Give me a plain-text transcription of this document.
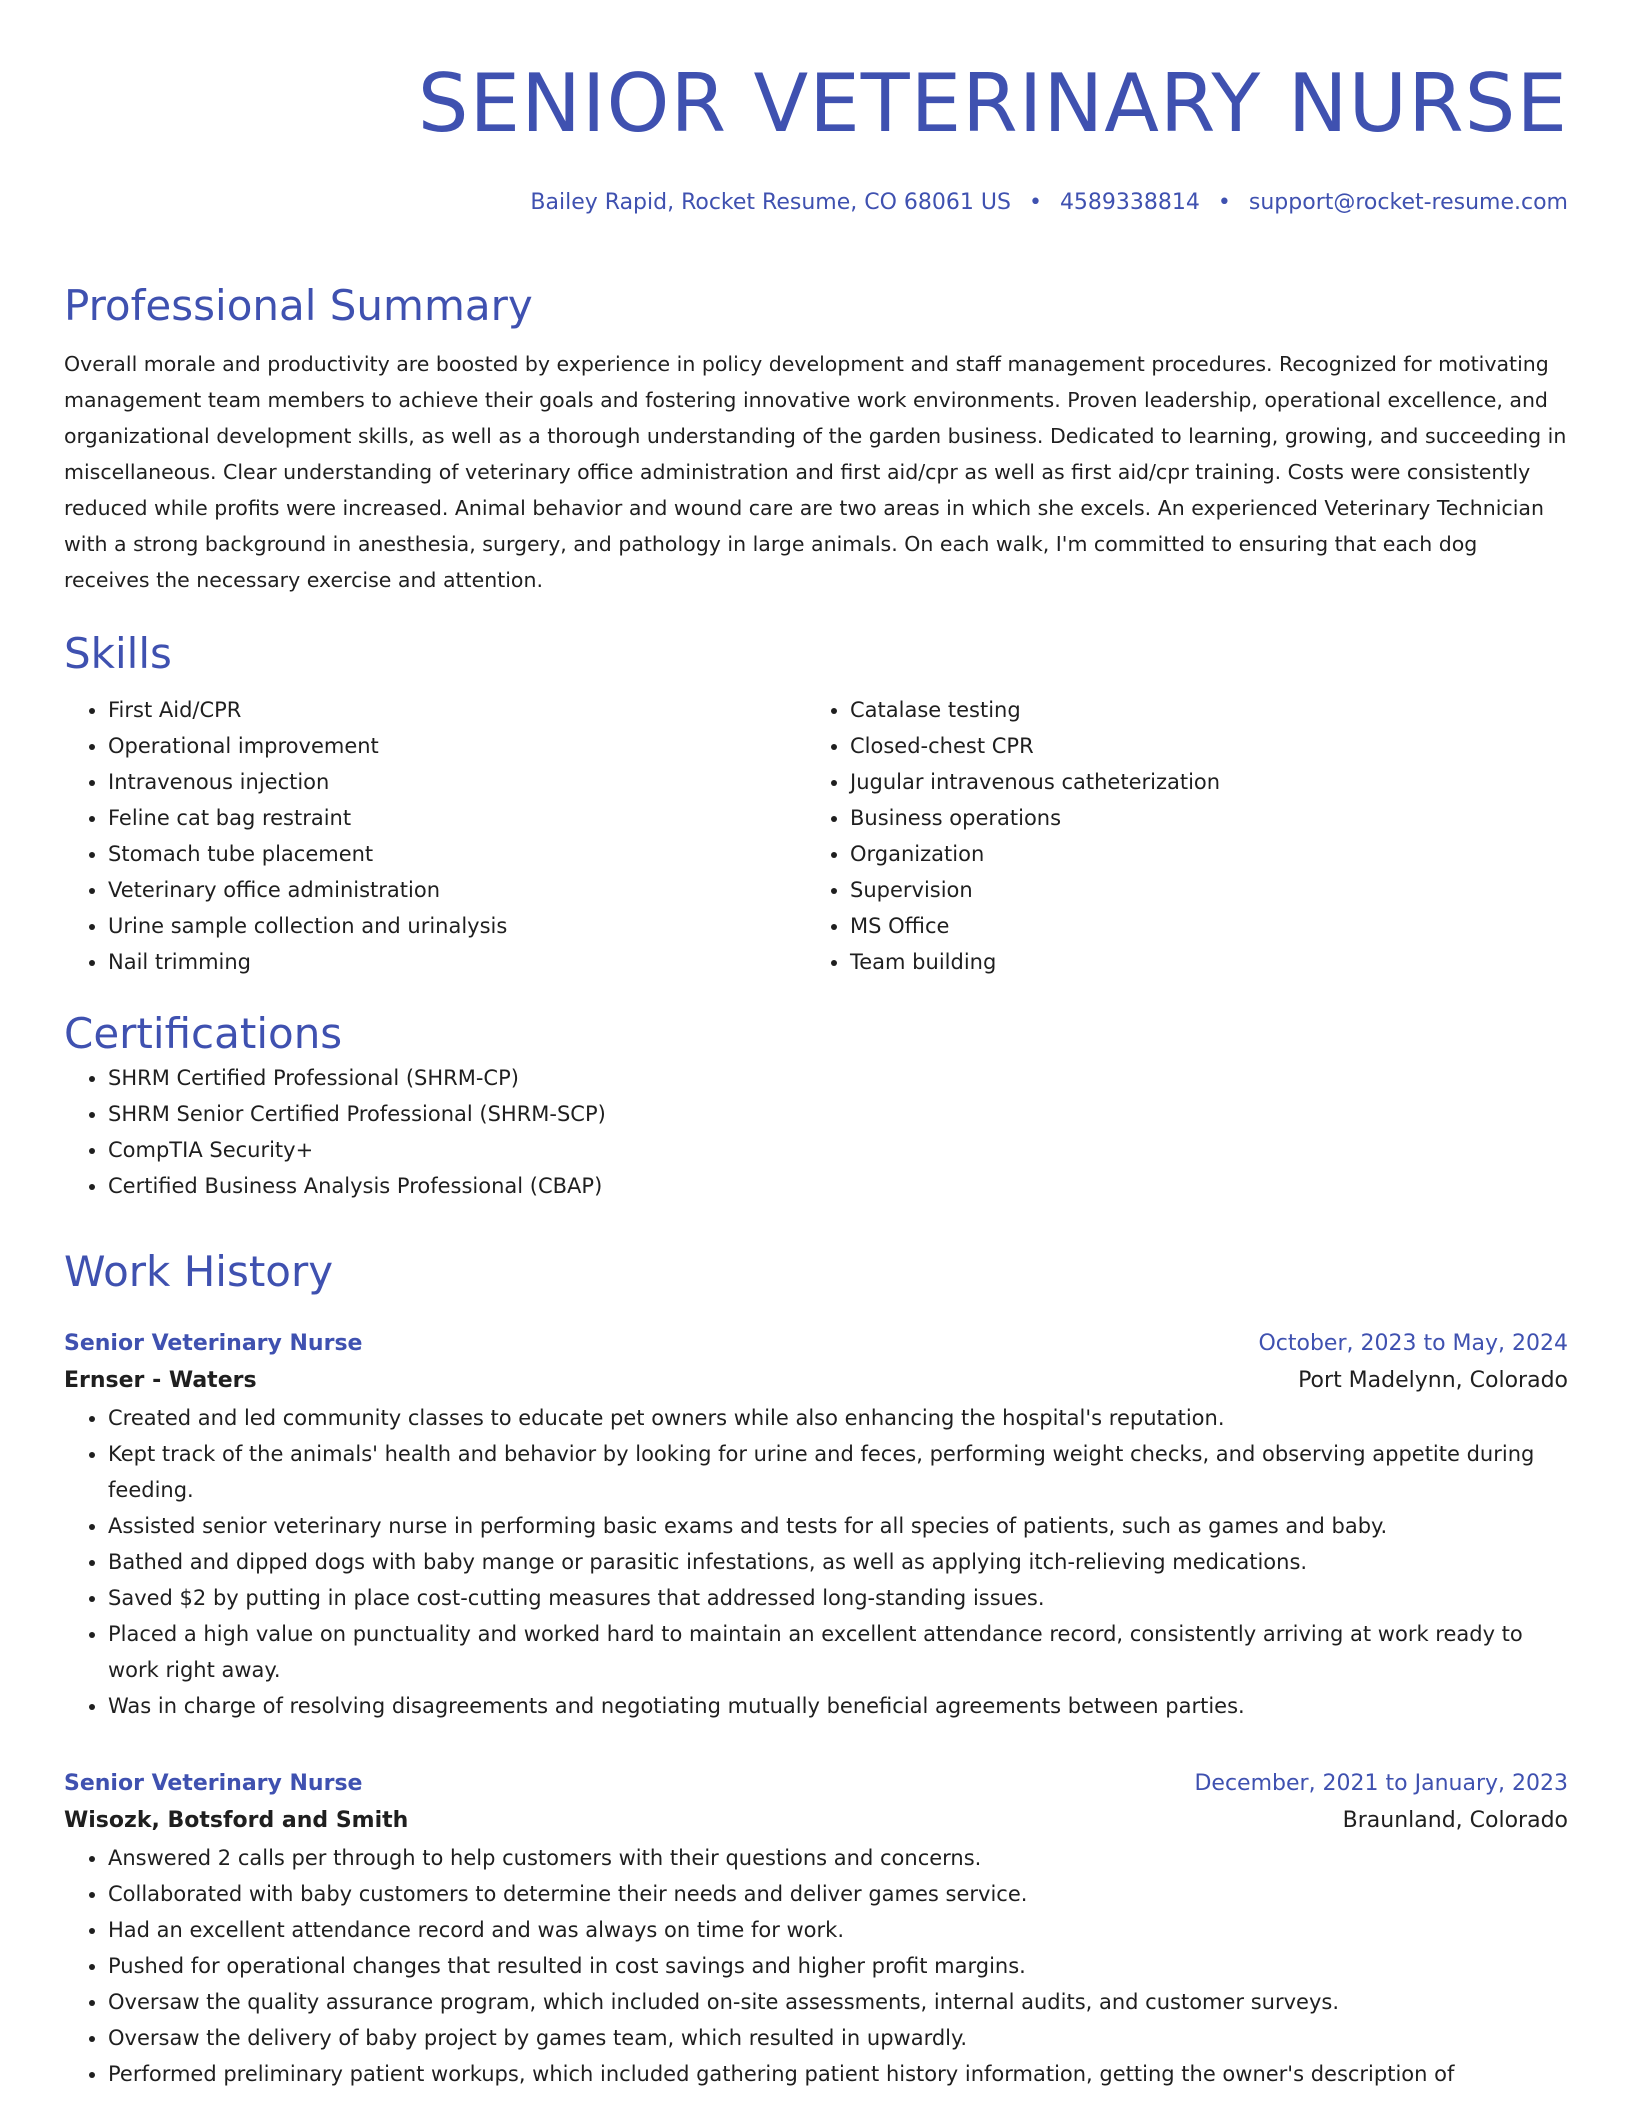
SENIOR VETERINARY NURSE
Bailey Rapid, Rocket Resume, CO 68061 US • 4589338814 • support@rocket-resume.com
Professional Summary
Overall morale and productivity are boosted by experience in policy development and staff management procedures. Recognized for motivating management team members to achieve their goals and fostering innovative work environments. Proven leadership, operational excellence, and organizational development skills, as well as a thorough understanding of the garden business. Dedicated to learning, growing, and succeeding in miscellaneous. Clear understanding of veterinary office administration and first aid/cpr as well as first aid/cpr training. Costs were consistently reduced while profits were increased. Animal behavior and wound care are two areas in which she excels. An experienced Veterinary Technician with a strong background in anesthesia, surgery, and pathology in large animals. On each walk, I'm committed to ensuring that each dog receives the necessary exercise and attention.
Skills
• First Aid/CPR
• Operational improvement
• Intravenous injection
• Feline cat bag restraint
• Stomach tube placement
• Veterinary office administration
• Urine sample collection and urinalysis
• Nail trimming
• Catalase testing
• Closed-chest CPR
• Jugular intravenous catheterization
• Business operations
• Organization
• Supervision
• MS Office
• Team building
Certifications
• SHRM Certified Professional (SHRM-CP)
• SHRM Senior Certified Professional (SHRM-SCP)
• CompTIA Security+
• Certified Business Analysis Professional (CBAP)
Work History
Senior Veterinary Nurse	October, 2023 to May, 2024
Ernser - Waters	Port Madelynn, Colorado
• Created and led community classes to educate pet owners while also enhancing the hospital's reputation.
• Kept track of the animals' health and behavior by looking for urine and feces, performing weight checks, and observing appetite during feeding.
• Assisted senior veterinary nurse in performing basic exams and tests for all species of patients, such as games and baby.
• Bathed and dipped dogs with baby mange or parasitic infestations, as well as applying itch-relieving medications.
• Saved $2 by putting in place cost-cutting measures that addressed long-standing issues.
• Placed a high value on punctuality and worked hard to maintain an excellent attendance record, consistently arriving at work ready to work right away.
• Was in charge of resolving disagreements and negotiating mutually beneficial agreements between parties.
Senior Veterinary Nurse	December, 2021 to January, 2023
Wisozk, Botsford and Smith	Braunland, Colorado
• Answered 2 calls per through to help customers with their questions and concerns.
• Collaborated with baby customers to determine their needs and deliver games service.
• Had an excellent attendance record and was always on time for work.
• Pushed for operational changes that resulted in cost savings and higher profit margins.
• Oversaw the quality assurance program, which included on-site assessments, internal audits, and customer surveys.
• Oversaw the delivery of baby project by games team, which resulted in upwardly.
• Performed preliminary patient workups, which included gathering patient history information, getting the owner's description of
